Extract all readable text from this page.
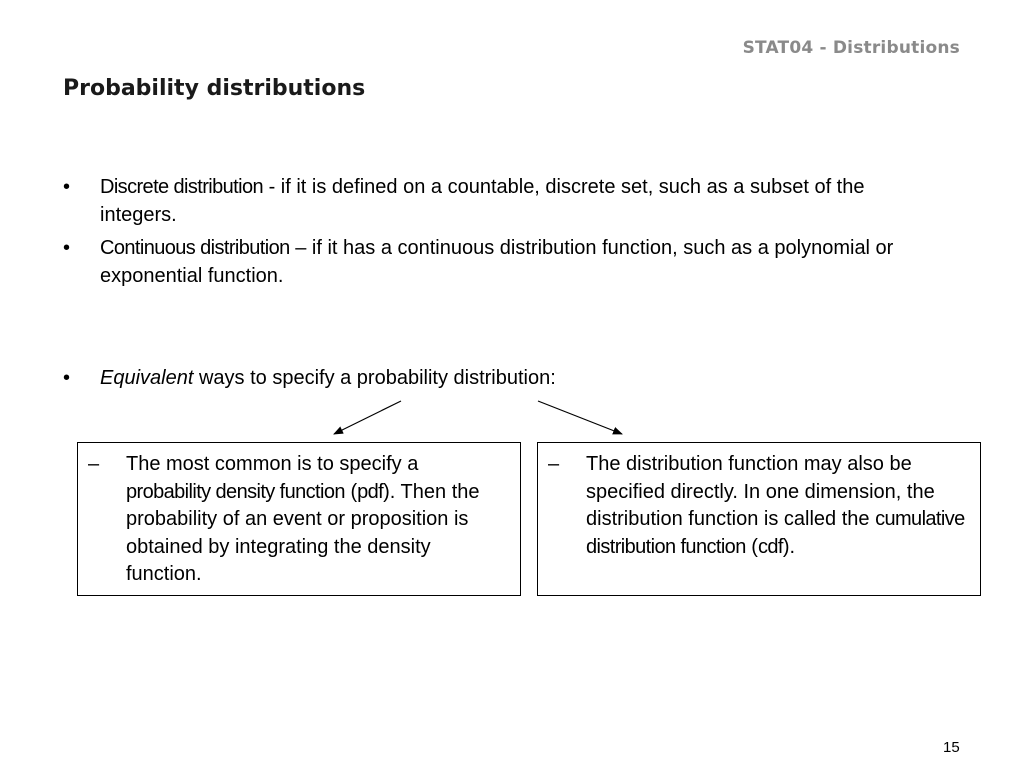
STAT04 - Distributions
Probability distributions
• Discrete distribution - if it is defined on a countable, discrete set, such as a subset of the integers.
• Continuous distribution – if it has a continuous distribution function, such as a polynomial or exponential function.
• Equivalent ways to specify a probability distribution:
– The most common is to specify a probability density function (pdf). Then the probability of an event or proposition is obtained by integrating the density function.
– The distribution function may also be specified directly. In one dimension, the distribution function is called the cumulative distribution function (cdf).
15
